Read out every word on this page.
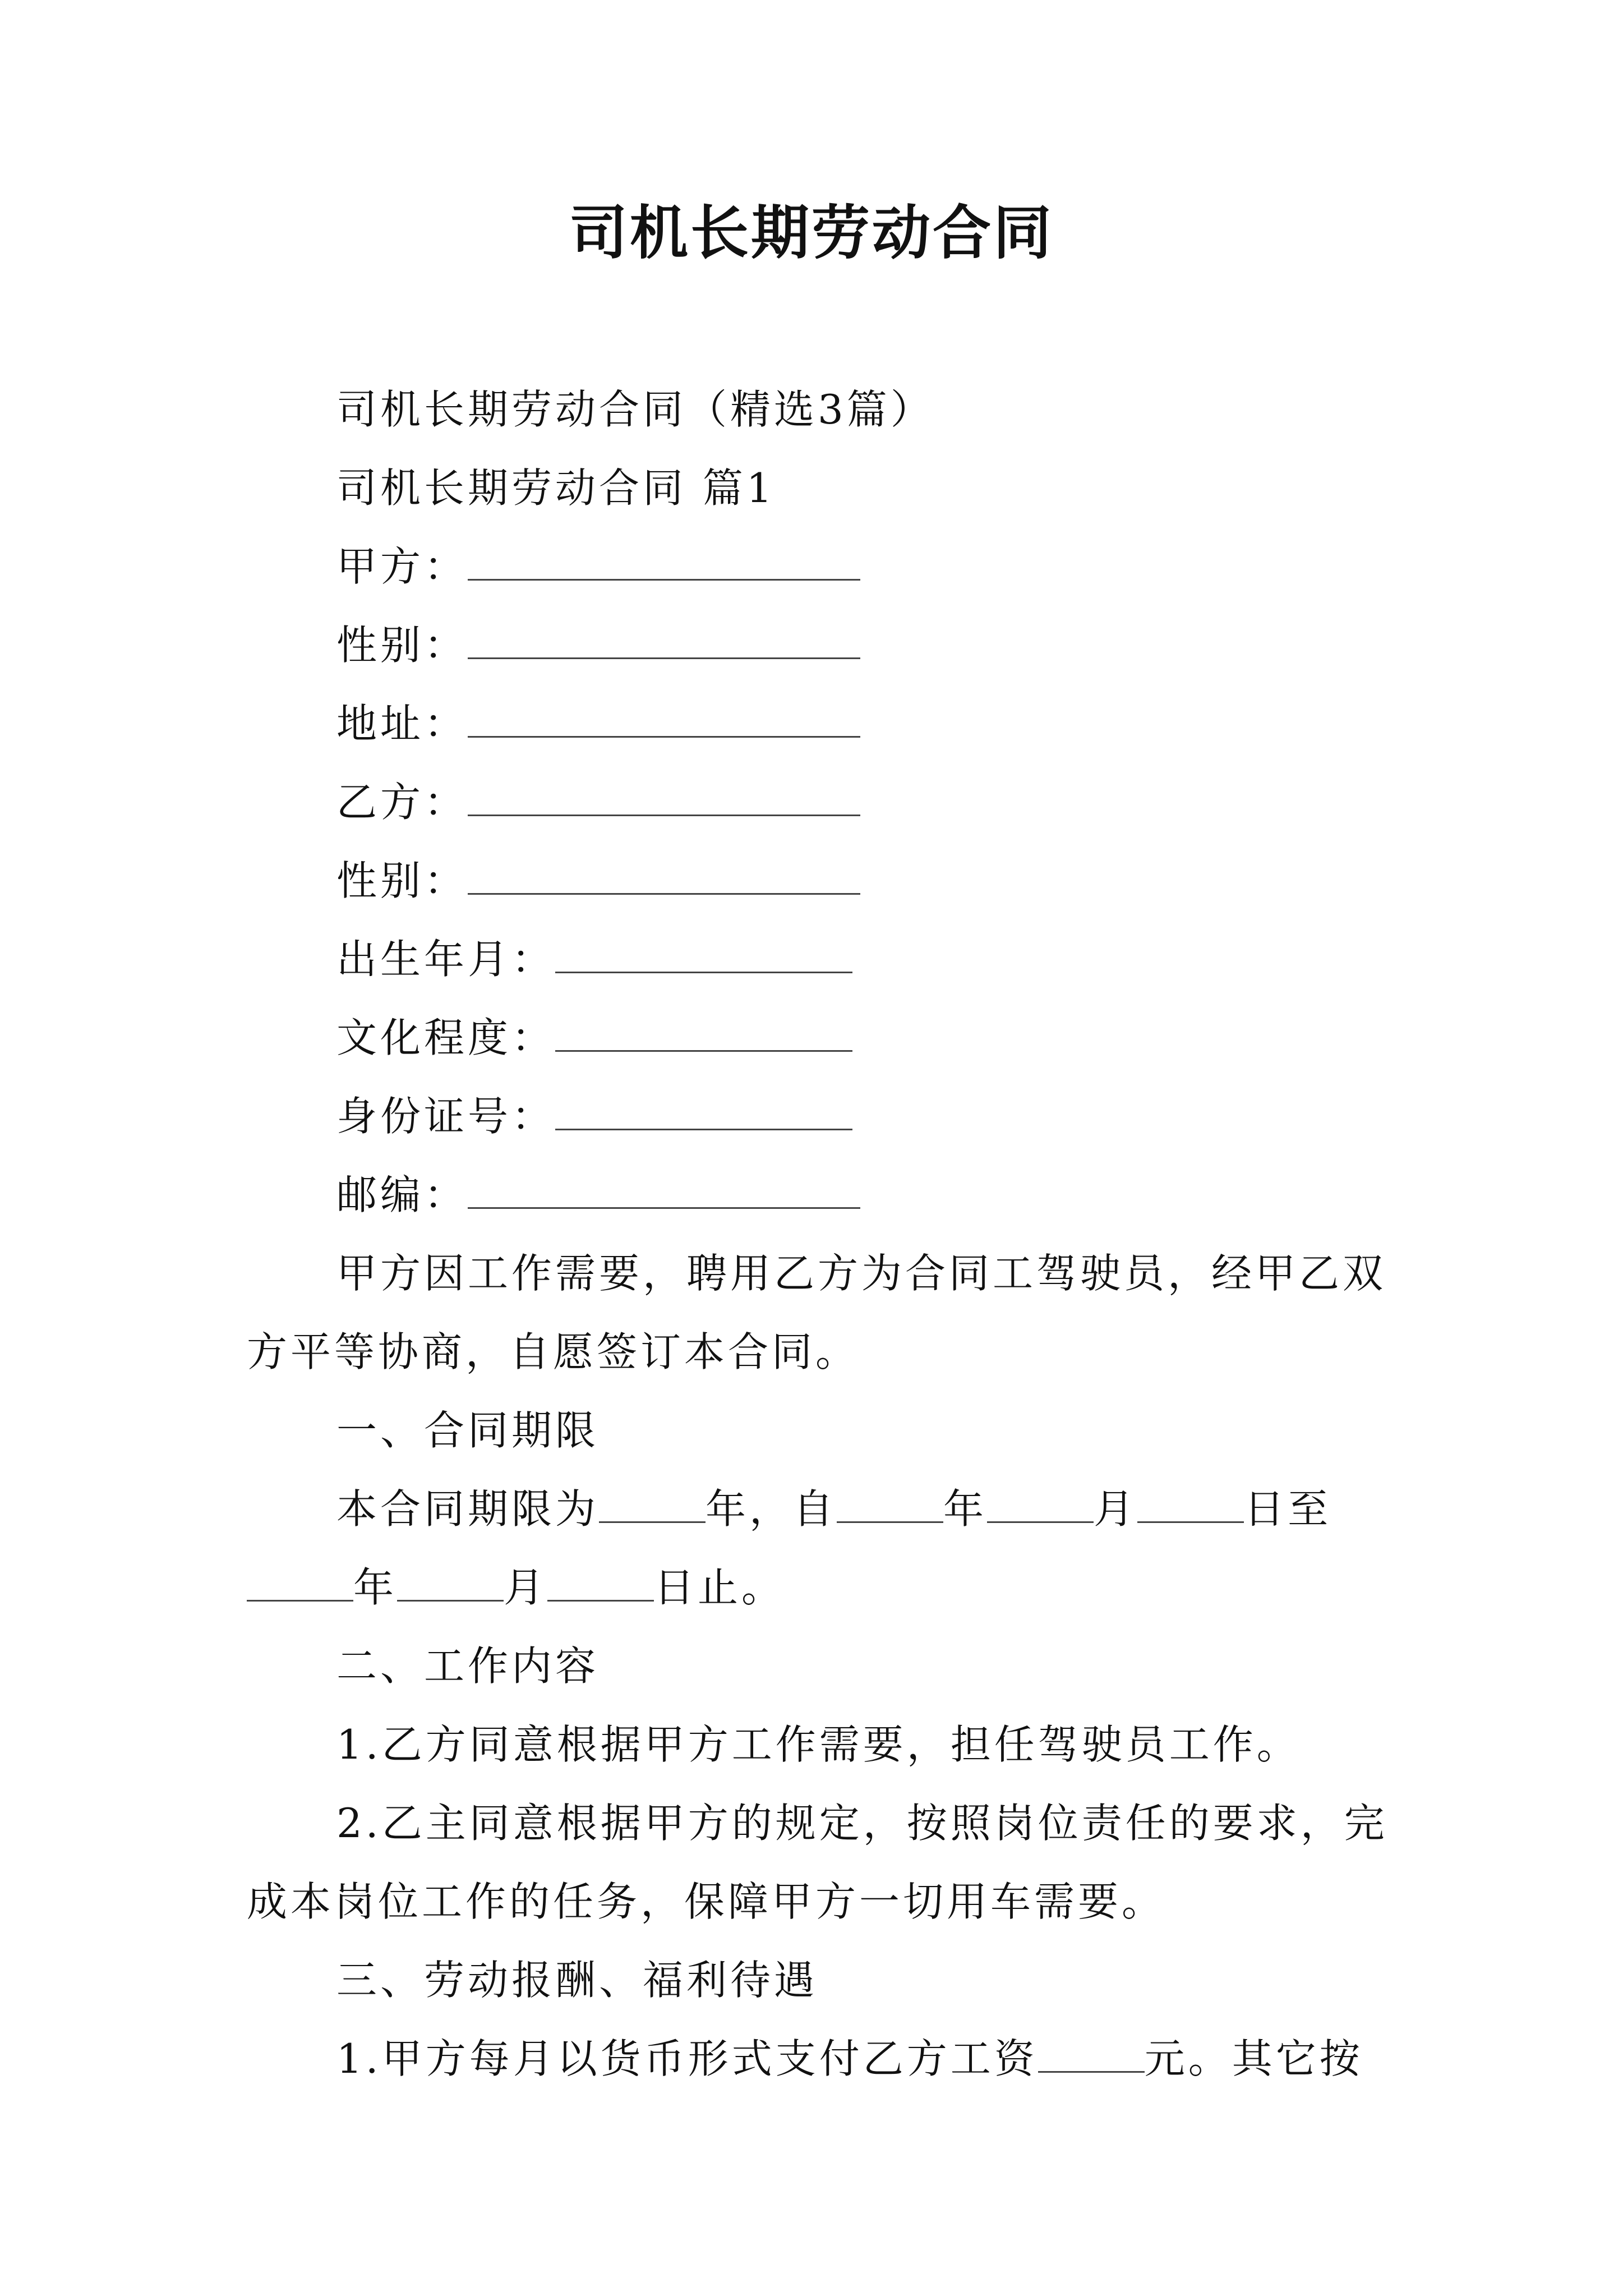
司机长期劳动合同
司机长期劳动合同（精选3篇）
司机长期劳动合同 篇1
甲方：
性别：
地址：
乙方：
性别：
出生年月：
文化程度：
身份证号：
邮编：
甲方因工作需要，聘用乙方为合同工驾驶员，经甲乙双
方平等协商，自愿签订本合同。
一、合同期限
本合同期限为	年，自	年	月	日至
年	月	日止。
二、工作内容
1.乙方同意根据甲方工作需要，担任驾驶员工作。
2.乙主同意根据甲方的规定，按照岗位责任的要求，完
成本岗位工作的任务，保障甲方一切用车需要。
三、劳动报酬、福利待遇
1.甲方每月以货币形式支付乙方工资	元。其它按
